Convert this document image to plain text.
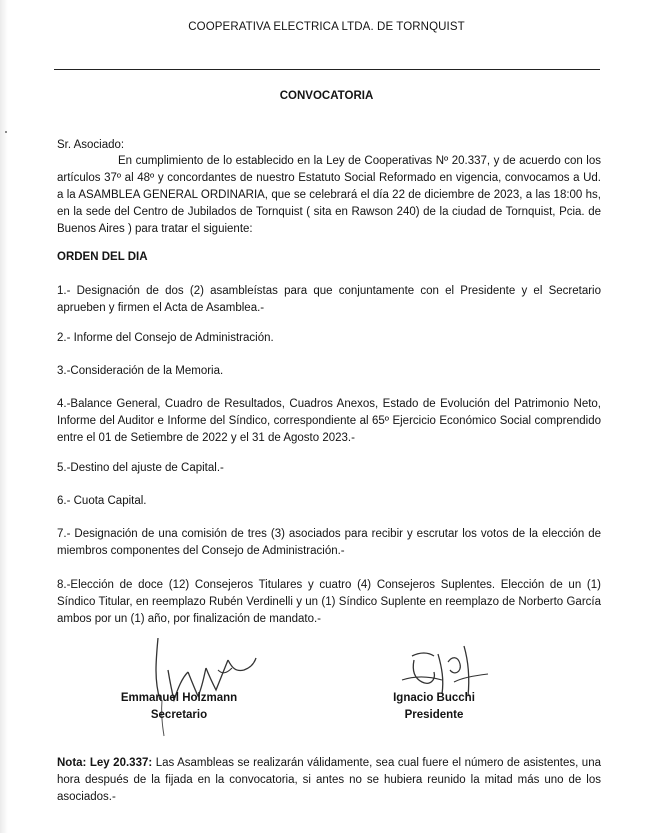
COOPERATIVA ELECTRICA LTDA. DE TORNQUIST
CONVOCATORIA
Sr. Asociado:
En cumplimiento de lo establecido en la Ley de Cooperativas Nº 20.337, y de acuerdo con los artículos 37º al 48º y concordantes de nuestro Estatuto Social Reformado en vigencia, convocamos a Ud. a la ASAMBLEA GENERAL ORDINARIA, que se celebrará el día 22 de diciembre de 2023, a las 18:00 hs, en la sede del Centro de Jubilados de Tornquist ( sita en Rawson 240) de la ciudad de Tornquist, Pcia. de Buenos Aires ) para tratar el siguiente:
ORDEN DEL DIA
1.- Designación de dos (2) asambleístas para que conjuntamente con el Presidente y el Secretario aprueben y firmen el Acta de Asamblea.-
2.- Informe del Consejo de Administración.
3.-Consideración de la Memoria.
4.-Balance General, Cuadro de Resultados, Cuadros Anexos, Estado de Evolución del Patrimonio Neto, Informe del Auditor e Informe del Síndico, correspondiente al 65º Ejercicio Económico Social comprendido entre el 01 de Setiembre de 2022 y el 31 de Agosto 2023.-
5.-Destino del ajuste de Capital.-
6.- Cuota Capital.
7.- Designación de una comisión de tres (3) asociados para recibir y escrutar los votos de la elección de miembros componentes del Consejo de Administración.-
8.-Elección de doce (12) Consejeros Titulares y cuatro (4) Consejeros Suplentes. Elección de un (1) Síndico Titular, en reemplazo Rubén Verdinelli y un (1) Síndico Suplente en reemplazo de Norberto García ambos por un (1) año, por finalización de mandato.-
Emmanuel Holzmann
Secretario
Ignacio Bucchi
Presidente
Nota: Ley 20.337: Las Asambleas se realizarán válidamente, sea cual fuere el número de asistentes, una hora después de la fijada en la convocatoria, si antes no se hubiera reunido la mitad más uno de los asociados.-
